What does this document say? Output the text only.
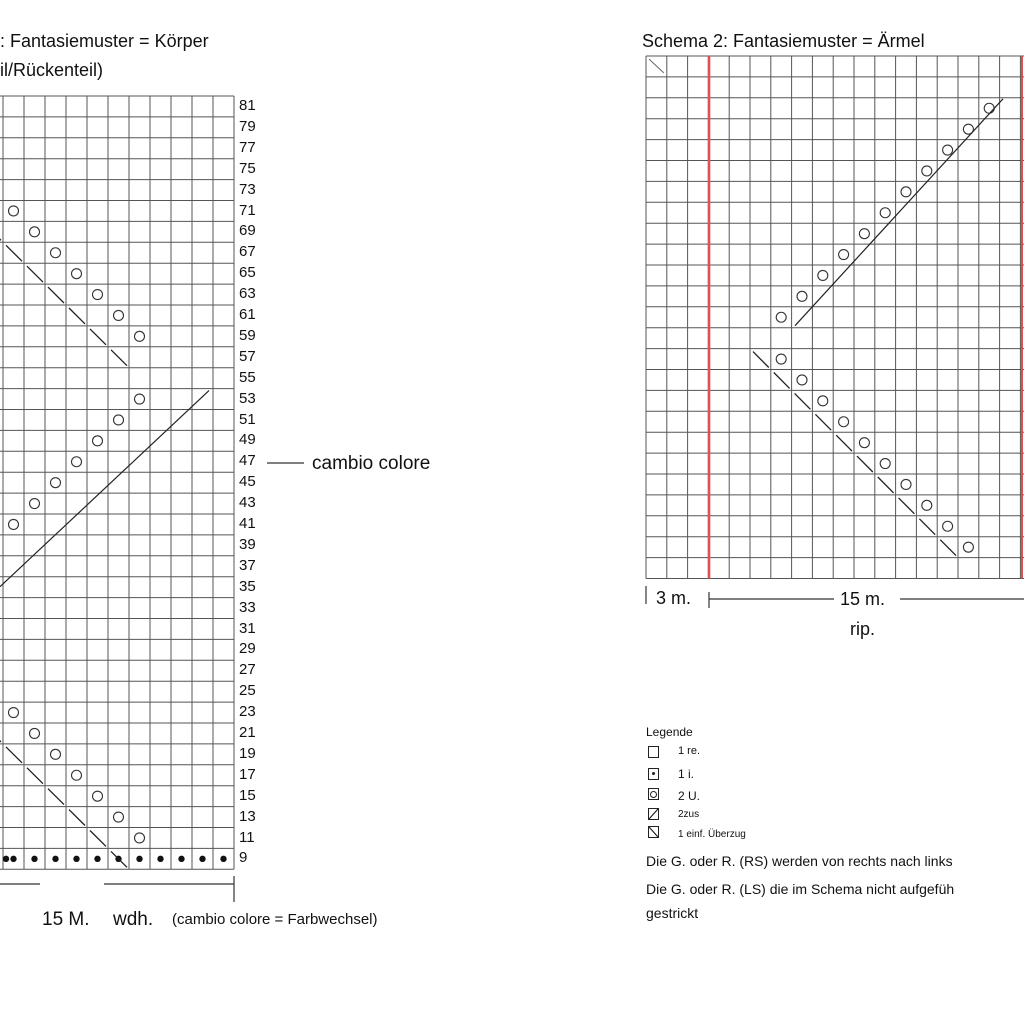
: Fantasiemuster = Körper
il/Rückenteil)
81
79
77
75
73
71
69
67
65
63
61
59
57
55
53
51
49
47
45
43
41
39
37
35
33
31
29
27
25
23
21
19
17
15
13
11
9
cambio colore
15 M. wdh. (cambio colore = Farbwechsel)
Schema 2: Fantasiemuster = Ärmel
3 m.	15 m.
rip.
Legende
1 re.
1 i.
2 U.
2zus
1 einf. Überzug
Die G. oder R. (RS) werden von rechts nach links
Die G. oder R. (LS) die im Schema nicht aufgefüh
gestrickt
